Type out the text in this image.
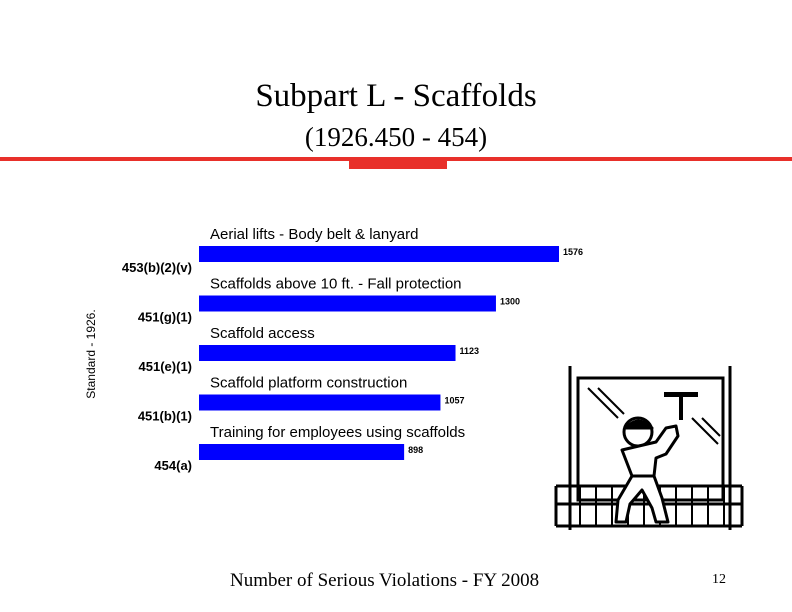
Subpart L - Scaffolds
(1926.450 - 454)
Standard - 1926.
Aerial lifts - Body belt & lanyard
1576
453(b)(2)(v)
Scaffolds above 10 ft. - Fall protection
1300
451(g)(1)
Scaffold access
1123
451(e)(1)
Scaffold platform construction
1057
451(b)(1)
Training for employees using scaffolds
898
454(a)
Number of Serious Violations - FY 2008	12
